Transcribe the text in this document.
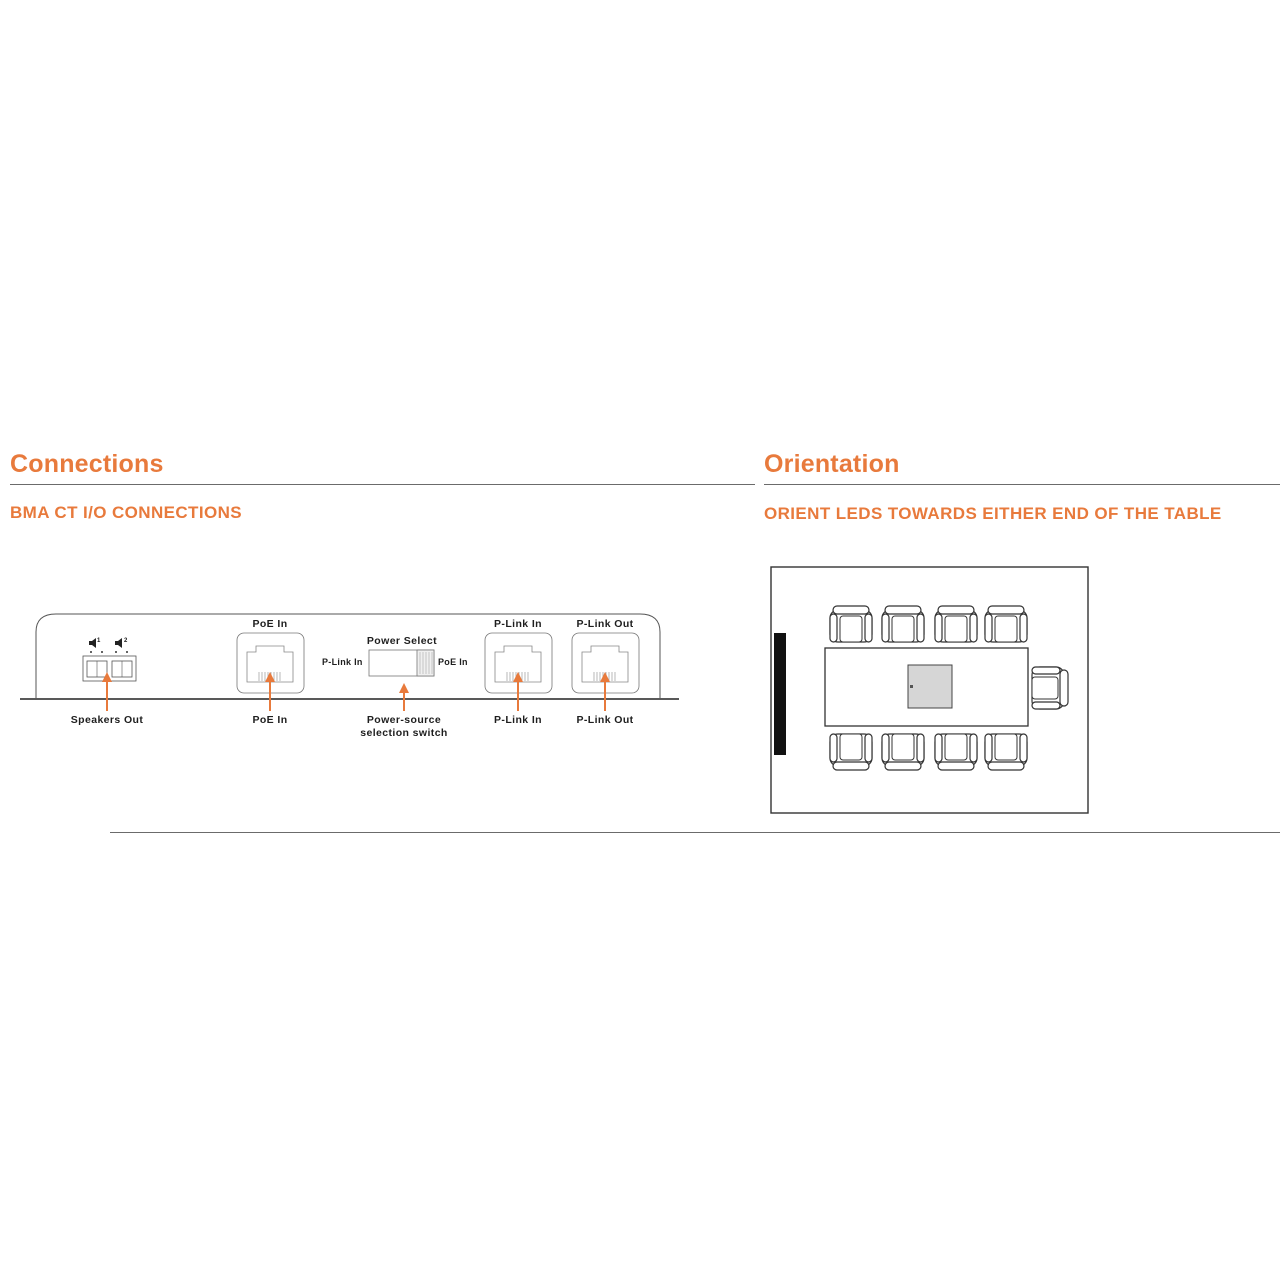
Connections
BMA CT I/O CONNECTIONS
Orientation
ORIENT LEDS TOWARDS EITHER END OF THE TABLE
1	2
PoE In
Power Select
P-Link In	P-Link Out
P-Link In	PoE In
Speakers Out	PoE In	Power-source
selection switch
P-Link In	P-Link Out
